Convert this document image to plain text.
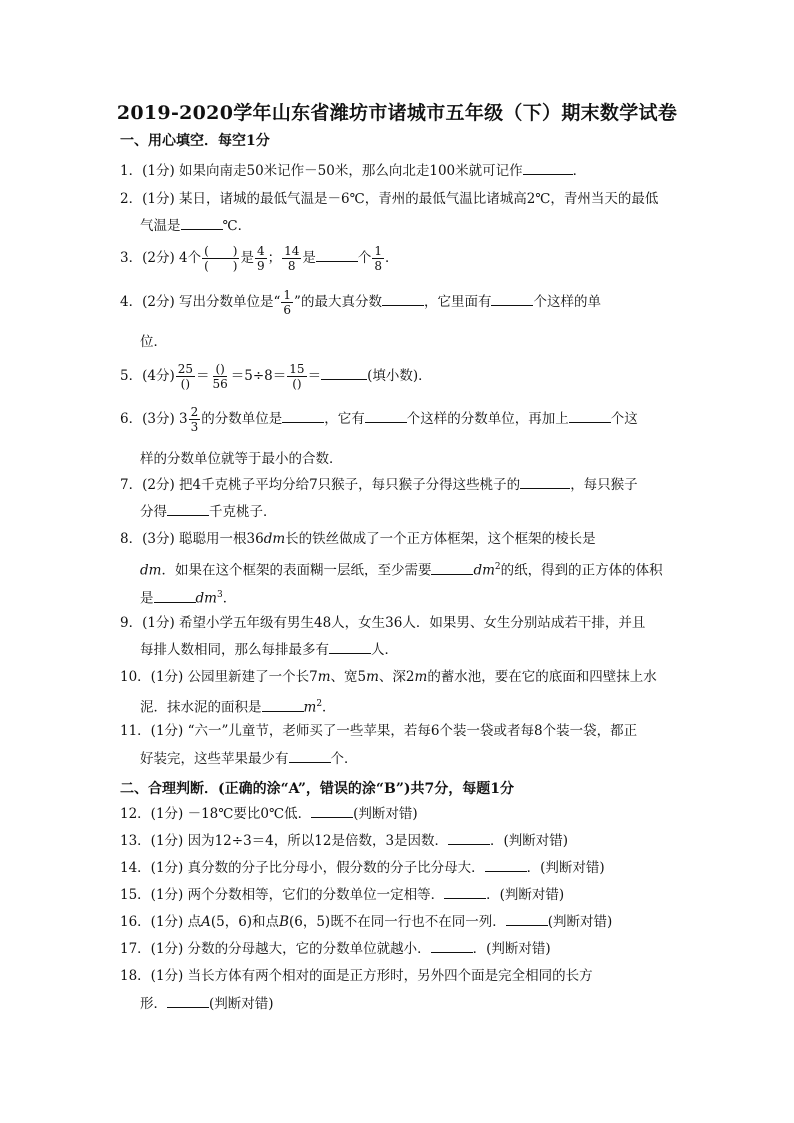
2019-2020学年山东省潍坊市诸城市五年级（下）期末数学试卷
一、用心填空．每空1分
1．(1分) 如果向南走50米记作－50米，那么向北走100米就可记作	．
2．(1分) 某日，诸城的最低气温是－6℃，青州的最低气温比诸城高2℃，青州当天的最低
气温是	℃．
3．(2分) 4个 $\frac{( )}{( )}$ 是 $\frac{4}{9}$ ； $\frac{14}{8}$ 是	个 $\frac{1}{8}$ ．
4．(2分) 写出分数单位是“ $\frac{1}{6}$ ”的最大真分数	，它里面有	个这样的单
位．
5．(4分) $\frac{25}{()} = \frac{()}{56} =5\div 8= \frac{15}{()}$ ＝	(填小数)．
6．(3分) $3 \frac{2}{3}$ 的分数单位是	，它有	个这样的分数单位，再加上	个这
样的分数单位就等于最小的合数．
7．(2分) 把4千克桃子平均分给7只猴子，每只猴子分得这些桃子的	，每只猴子
分得	千克桃子．
8．(3分) 聪聪用一根36dm长的铁丝做成了一个正方体框架，这个框架的棱长是
dm．如果在这个框架的表面糊一层纸，至少需要	$dm^2$的纸，得到的正方体的体积
是	$dm^3$．
9．(1分) 希望小学五年级有男生48人，女生36人．如果男、女生分别站成若干排，并且
每排人数相同，那么每排最多有	人．
10．(1分) 公园里新建了一个长7m、宽5m、深2m的蓄水池，要在它的底面和四壁抹上水
泥．抹水泥的面积是	$m^2$．
11．(1分) “六一”儿童节，老师买了一些苹果，若每6个装一袋或者每8个装一袋，都正
好装完，这些苹果最少有	个．
二、合理判断．(正确的涂“A”，错误的涂“B”)共7分，每题1分
12．(1分) －18℃要比0℃低．	(判断对错)
13．(1分) 因为12÷3＝4，所以12是倍数，3是因数．	．(判断对错)
14．(1分) 真分数的分子比分母小，假分数的分子比分母大．	．(判断对错)
15．(1分) 两个分数相等，它们的分数单位一定相等．	．(判断对错)
16．(1分) 点A(5，6)和点B(6，5)既不在同一行也不在同一列．	(判断对错)
17．(1分) 分数的分母越大，它的分数单位就越小．	．(判断对错)
18．(1分) 当长方体有两个相对的面是正方形时，另外四个面是完全相同的长方
形．	(判断对错)
